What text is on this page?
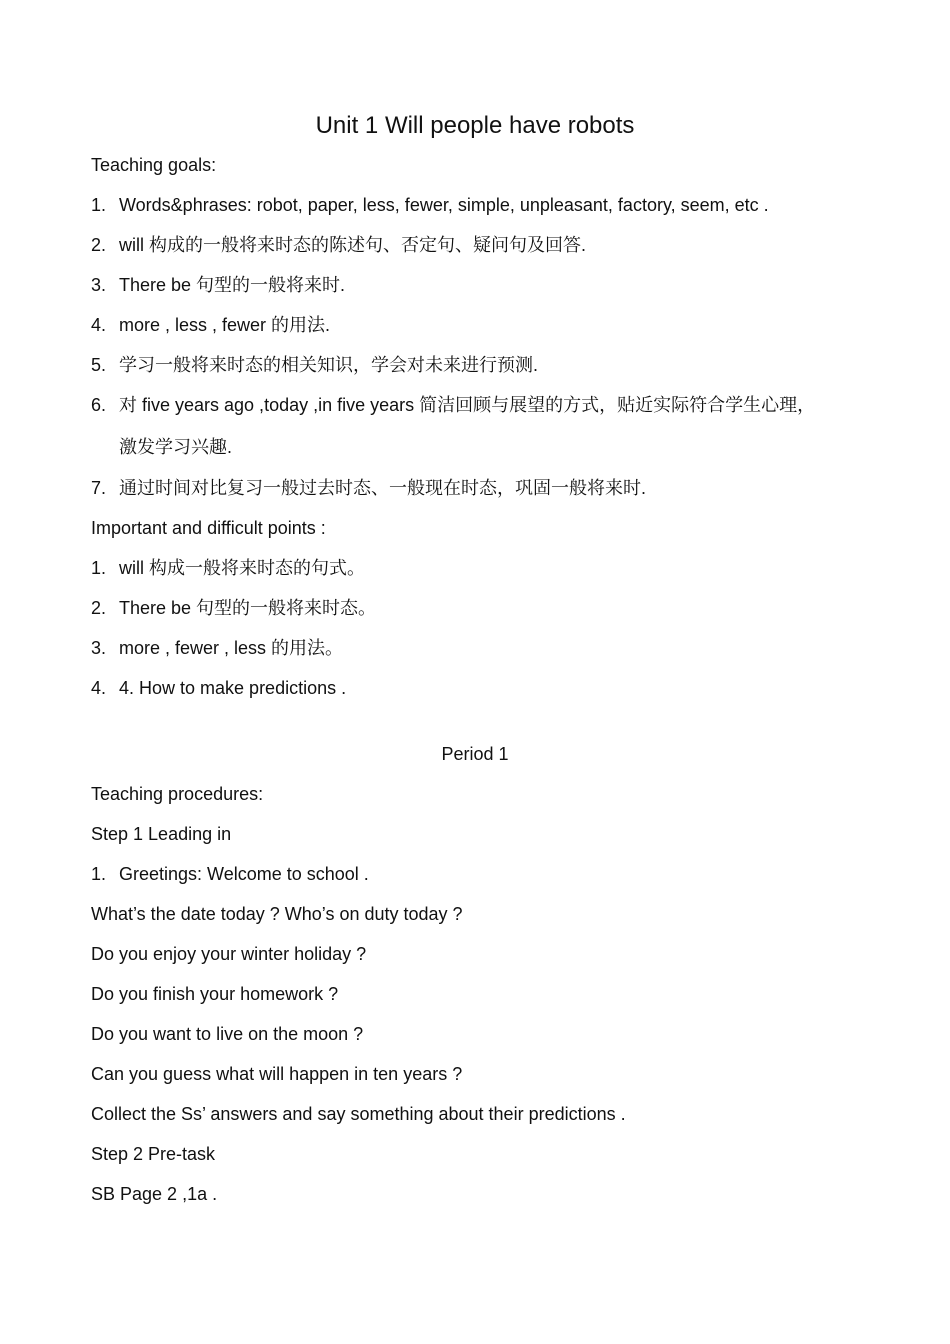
Unit 1 Will people have robots
Teaching goals:
1. Words&phrases: robot, paper, less, fewer, simple, unpleasant, factory, seem, etc .
2. will 构成的一般将来时态的陈述句、否定句、疑问句及回答.
3. There be 句型的一般将来时.
4. more , less , fewer 的用法.
5. 学习一般将来时态的相关知识，学会对未来进行预测.
6. 对 five years ago ,today ,in five years 简洁回顾与展望的方式，贴近实际符合学生心理，
激发学习兴趣.
7. 通过时间对比复习一般过去时态、一般现在时态，巩固一般将来时.
Important and difficult points :
1. will 构成一般将来时态的句式。
2. There be 句型的一般将来时态。
3. more , fewer , less 的用法。
4. 4. How to make predictions .
Period 1
Teaching procedures:
Step 1 Leading in
1. Greetings: Welcome to school .
What’s the date today ? Who’s on duty today ?
Do you enjoy your winter holiday ?
Do you finish your homework ?
Do you want to live on the moon ?
Can you guess what will happen in ten years ?
Collect the Ss’ answers and say something about their predictions .
Step 2 Pre-task
SB Page 2 ,1a .
